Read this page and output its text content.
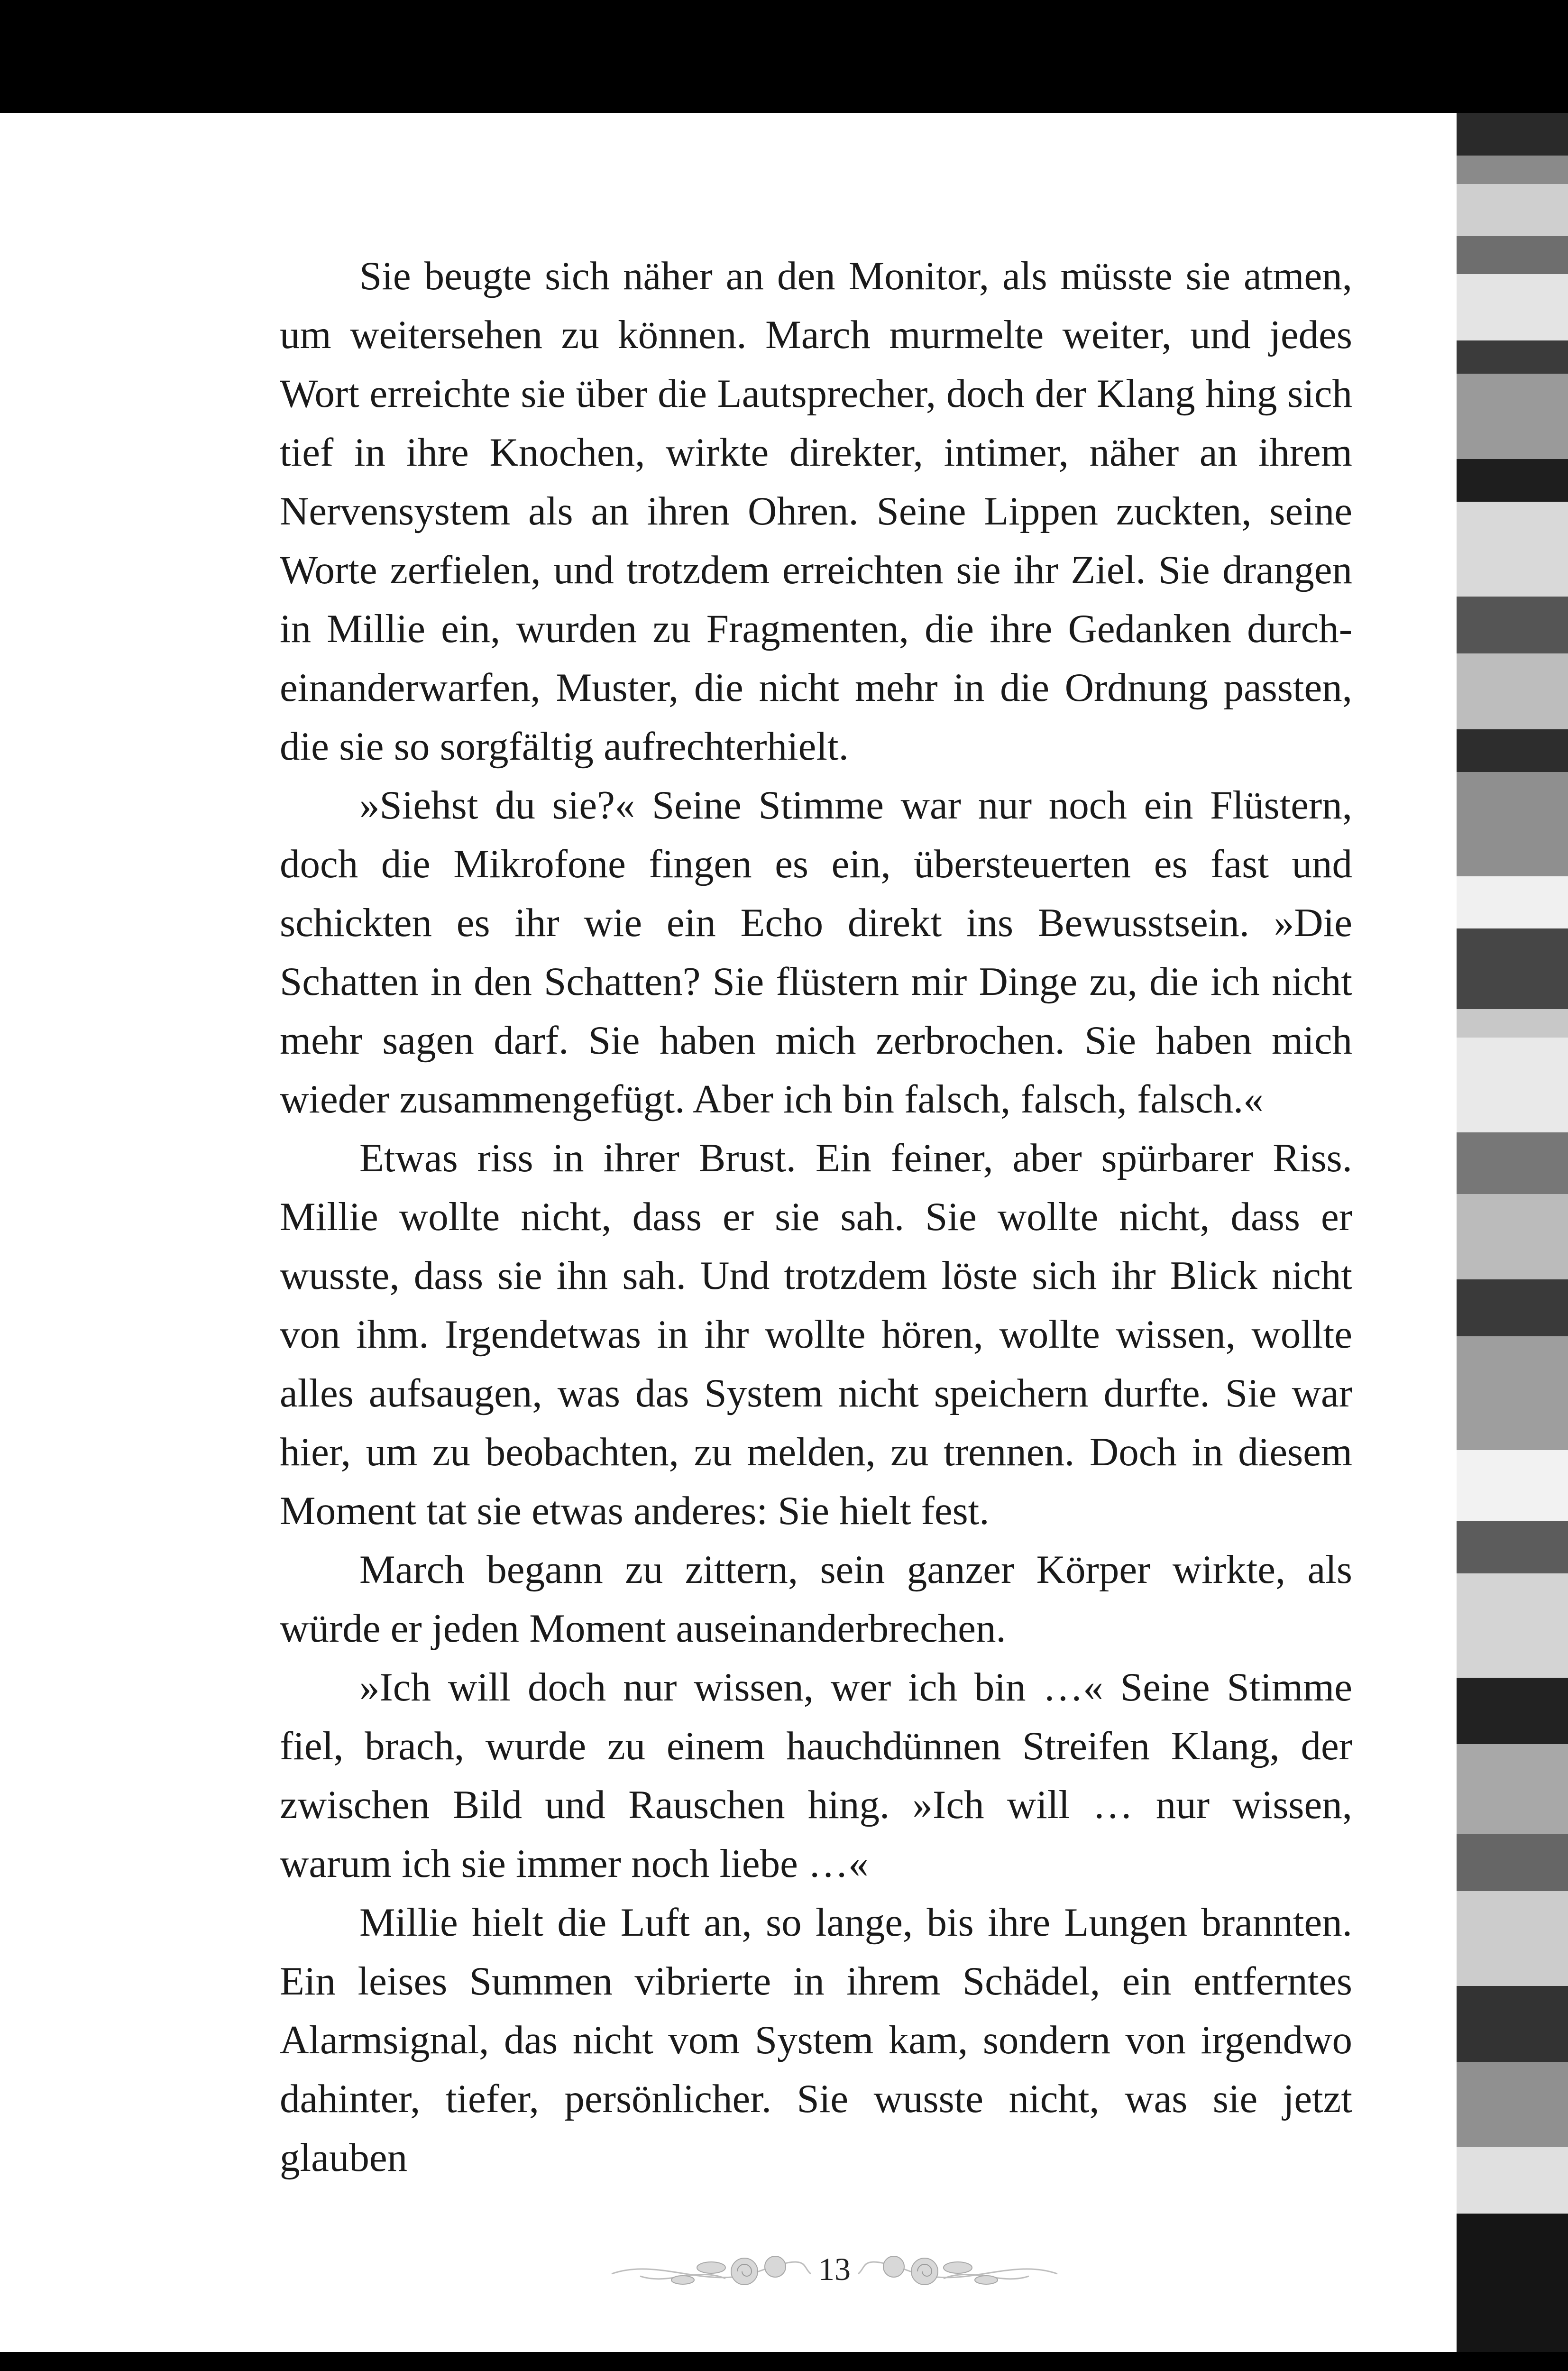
Sie beugte sich näher an den Monitor, als müsste sie atmen, um weitersehen zu können. March murmelte weiter, und jedes Wort erreichte sie über die Lautsprecher, doch der Klang hing sich tief in ihre Knochen, wirkte direkter, intimer, näher an ihrem Nervensystem als an ihren Ohren. Seine Lippen zuckten, seine Worte zerfielen, und trotzdem erreichten sie ihr Ziel. Sie drangen in Millie ein, wurden zu Fragmenten, die ihre Gedanken durcheinanderwarfen, Muster, die nicht mehr in die Ordnung passten, die sie so sorgfältig aufrechterhielt.

»Siehst du sie?« Seine Stimme war nur noch ein Flüstern, doch die Mikrofone fingen es ein, übersteuerten es fast und schickten es ihr wie ein Echo direkt ins Bewusstsein. »Die Schatten in den Schatten? Sie flüstern mir Dinge zu, die ich nicht mehr sagen darf. Sie haben mich zerbrochen. Sie haben mich wieder zusammengefügt. Aber ich bin falsch, falsch, falsch.«

Etwas riss in ihrer Brust. Ein feiner, aber spürbarer Riss. Millie wollte nicht, dass er sie sah. Sie wollte nicht, dass er wusste, dass sie ihn sah. Und trotzdem löste sich ihr Blick nicht von ihm. Irgendetwas in ihr wollte hören, wollte wissen, wollte alles aufsaugen, was das System nicht speichern durfte. Sie war hier, um zu beobachten, zu melden, zu trennen. Doch in diesem Moment tat sie etwas anderes: Sie hielt fest.

March begann zu zittern, sein ganzer Körper wirkte, als würde er jeden Moment auseinanderbrechen.

»Ich will doch nur wissen, wer ich bin …« Seine Stimme fiel, brach, wurde zu einem hauchdünnen Streifen Klang, der zwischen Bild und Rauschen hing. »Ich will … nur wissen, warum ich sie immer noch liebe …«

Millie hielt die Luft an, so lange, bis ihre Lungen brannten. Ein leises Summen vibrierte in ihrem Schädel, ein entferntes Alarmsignal, das nicht vom System kam, sondern von irgendwo dahinter, tiefer, persönlicher. Sie wusste nicht, was sie jetzt glauben

13
